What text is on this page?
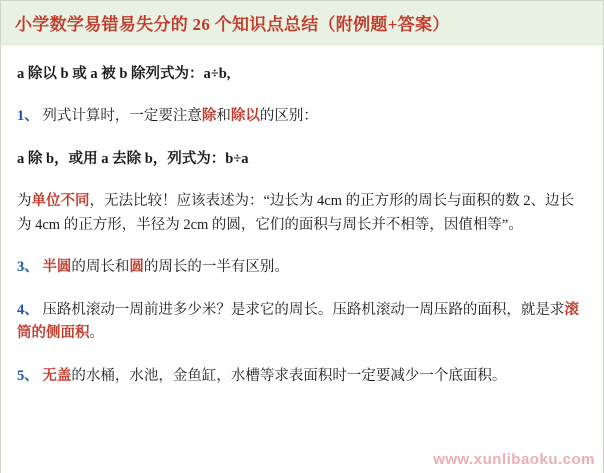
小学数学易错易失分的 26 个知识点总结（附例题+答案）

a 除以 b 或 a 被 b 除列式为：a÷b,

1、 列式计算时，一定要注意除和除以的区别：

a 除 b，或用 a 去除 b，列式为：b÷a

为单位不同，无法比较！应该表述为：“边长为 4cm 的正方形的周长与面积的数 2、边长为 4cm 的正方形，半径为 2cm 的圆，它们的面积与周长并不相等，因值相等”。

3、 半圆的周长和圆的周长的一半有区别。

4、 压路机滚动一周前进多少米？是求它的周长。压路机滚动一周压路的面积，就是求滚筒的侧面积。

5、 无盖的水桶，水池，金鱼缸，水槽等求表面积时一定要减少一个底面积。

www.xunlibaoku.com
